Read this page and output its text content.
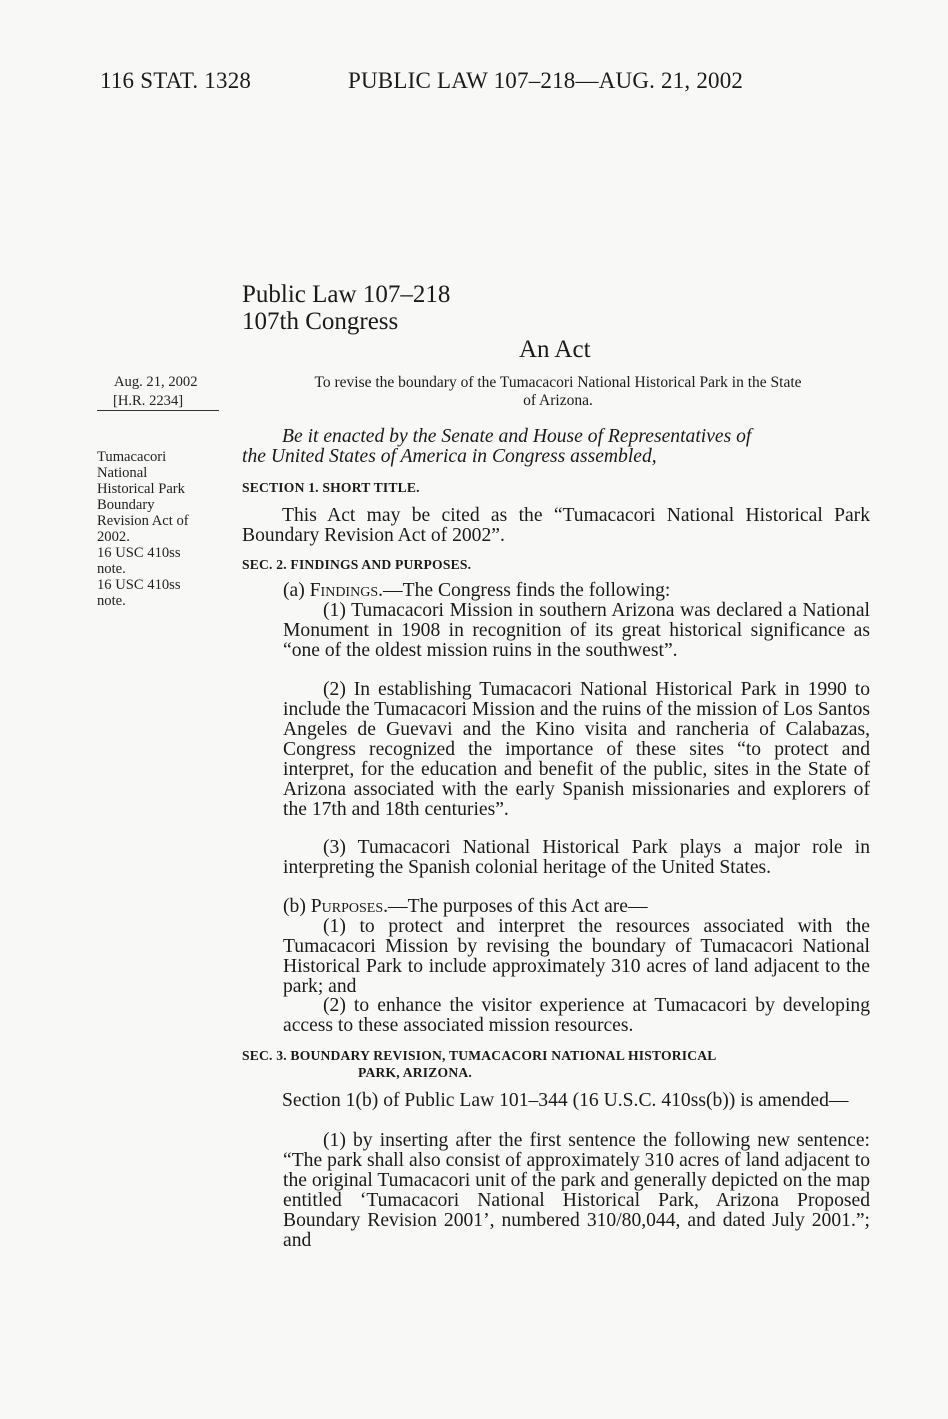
116 STAT. 1328	PUBLIC LAW 107–218—AUG. 21, 2002
Public Law 107–218
107th Congress
An Act
Aug. 21, 2002
[H.R. 2234]
Tumacacori
National
Historical Park
Boundary
Revision Act of
2002.
16 USC 410ss
note.
16 USC 410ss
note.
To revise the boundary of the Tumacacori National Historical Park in the State
of Arizona.
Be it enacted by the Senate and House of Representatives of
the United States of America in Congress assembled,
SECTION 1. SHORT TITLE.
This Act may be cited as the “Tumacacori National Historical Park Boundary Revision Act of 2002”.
SEC. 2. FINDINGS AND PURPOSES.
(a) Findings.—The Congress finds the following:
(1) Tumacacori Mission in southern Arizona was declared a National Monument in 1908 in recognition of its great historical significance as “one of the oldest mission ruins in the southwest”.
(2) In establishing Tumacacori National Historical Park in 1990 to include the Tumacacori Mission and the ruins of the mission of Los Santos Angeles de Guevavi and the Kino visita and rancheria of Calabazas, Congress recognized the importance of these sites “to protect and interpret, for the education and benefit of the public, sites in the State of Arizona associated with the early Spanish missionaries and explorers of the 17th and 18th centuries”.
(3) Tumacacori National Historical Park plays a major role in interpreting the Spanish colonial heritage of the United States.
(b) Purposes.—The purposes of this Act are—
(1) to protect and interpret the resources associated with the Tumacacori Mission by revising the boundary of Tumacacori National Historical Park to include approximately 310 acres of land adjacent to the park; and
(2) to enhance the visitor experience at Tumacacori by developing access to these associated mission resources.
SEC. 3. BOUNDARY REVISION, TUMACACORI NATIONAL HISTORICAL
PARK, ARIZONA.
Section 1(b) of Public Law 101–344 (16 U.S.C. 410ss(b)) is amended—
(1) by inserting after the first sentence the following new sentence: “The park shall also consist of approximately 310 acres of land adjacent to the original Tumacacori unit of the park and generally depicted on the map entitled ‘Tumacacori National Historical Park, Arizona Proposed Boundary Revision 2001’, numbered 310/80,044, and dated July 2001.”; and
